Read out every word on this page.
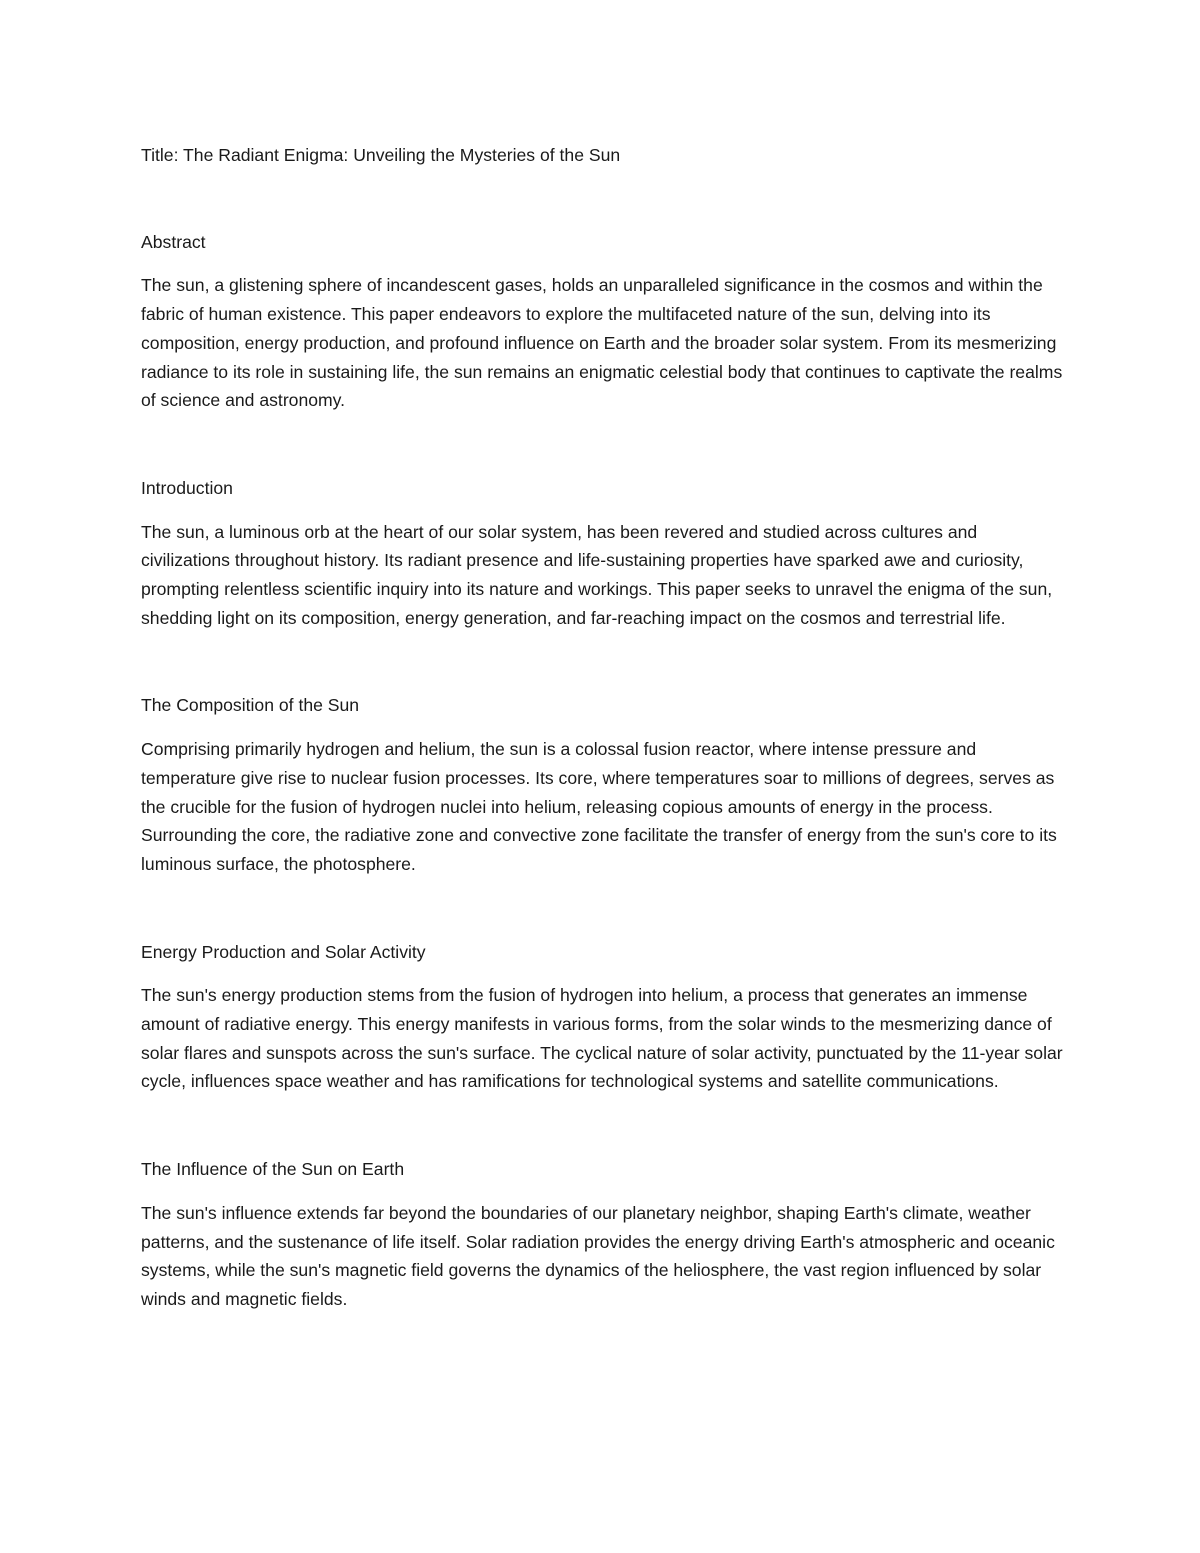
Title: The Radiant Enigma: Unveiling the Mysteries of the Sun

Abstract

The sun, a glistening sphere of incandescent gases, holds an unparalleled significance in the cosmos and within the fabric of human existence. This paper endeavors to explore the multifaceted nature of the sun, delving into its composition, energy production, and profound influence on Earth and the broader solar system. From its mesmerizing radiance to its role in sustaining life, the sun remains an enigmatic celestial body that continues to captivate the realms of science and astronomy.

Introduction

The sun, a luminous orb at the heart of our solar system, has been revered and studied across cultures and civilizations throughout history. Its radiant presence and life-sustaining properties have sparked awe and curiosity, prompting relentless scientific inquiry into its nature and workings. This paper seeks to unravel the enigma of the sun, shedding light on its composition, energy generation, and far-reaching impact on the cosmos and terrestrial life.

The Composition of the Sun

Comprising primarily hydrogen and helium, the sun is a colossal fusion reactor, where intense pressure and temperature give rise to nuclear fusion processes. Its core, where temperatures soar to millions of degrees, serves as the crucible for the fusion of hydrogen nuclei into helium, releasing copious amounts of energy in the process. Surrounding the core, the radiative zone and convective zone facilitate the transfer of energy from the sun's core to its luminous surface, the photosphere.

Energy Production and Solar Activity

The sun's energy production stems from the fusion of hydrogen into helium, a process that generates an immense amount of radiative energy. This energy manifests in various forms, from the solar winds to the mesmerizing dance of solar flares and sunspots across the sun's surface. The cyclical nature of solar activity, punctuated by the 11-year solar cycle, influences space weather and has ramifications for technological systems and satellite communications.

The Influence of the Sun on Earth

The sun's influence extends far beyond the boundaries of our planetary neighbor, shaping Earth's climate, weather patterns, and the sustenance of life itself. Solar radiation provides the energy driving Earth's atmospheric and oceanic systems, while the sun's magnetic field governs the dynamics of the heliosphere, the vast region influenced by solar winds and magnetic fields.
